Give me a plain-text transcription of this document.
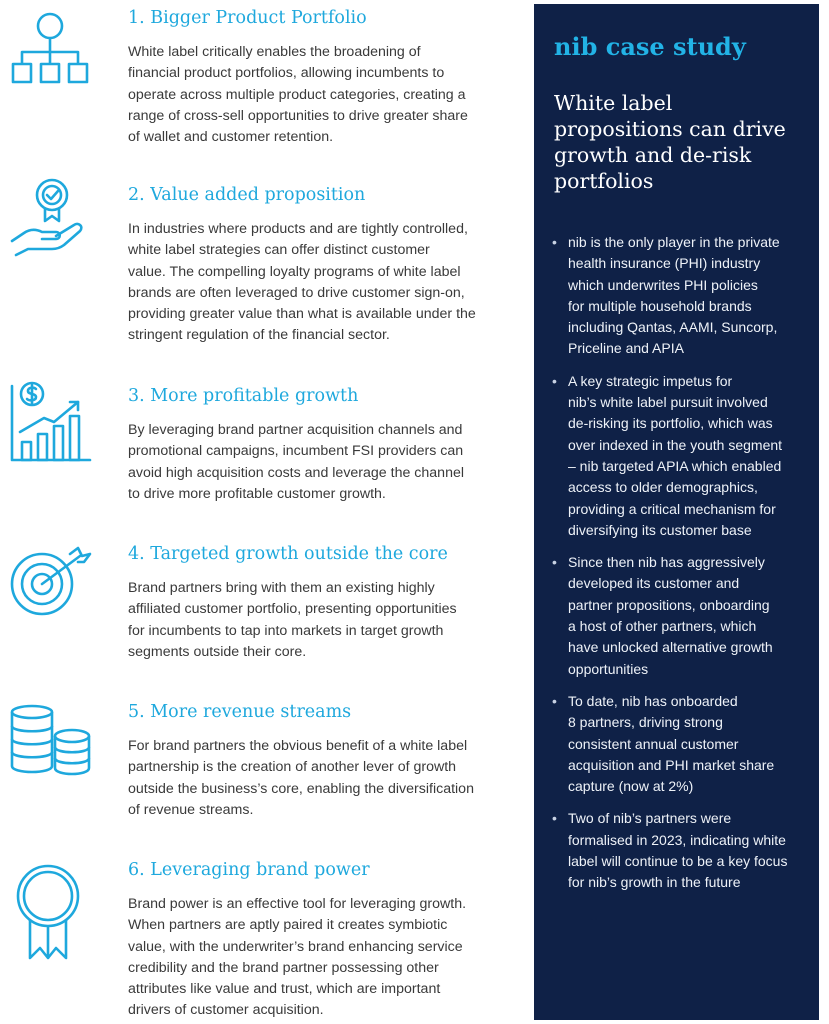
1. Bigger Product Portfolio

White label critically enables the broadening of
financial product portfolios, allowing incumbents to
operate across multiple product categories, creating a
range of cross-sell opportunities to drive greater share
of wallet and customer retention.

2. Value added proposition

In industries where products and are tightly controlled,
white label strategies can offer distinct customer
value. The compelling loyalty programs of white label
brands are often leveraged to drive customer sign-on,
providing greater value than what is available under the
stringent regulation of the financial sector.

3. More profitable growth

By leveraging brand partner acquisition channels and
promotional campaigns, incumbent FSI providers can
avoid high acquisition costs and leverage the channel
to drive more profitable customer growth.

4. Targeted growth outside the core

Brand partners bring with them an existing highly
affiliated customer portfolio, presenting opportunities
for incumbents to tap into markets in target growth
segments outside their core.

5. More revenue streams

For brand partners the obvious benefit of a white label
partnership is the creation of another lever of growth
outside the business’s core, enabling the diversification
of revenue streams.

6. Leveraging brand power

Brand power is an effective tool for leveraging growth.
When partners are aptly paired it creates symbiotic
value, with the underwriter’s brand enhancing service
credibility and the brand partner possessing other
attributes like value and trust, which are important
drivers of customer acquisition.

nib case study
White label
propositions can drive
growth and de-risk
portfolios
• nib is the only player in the private
health insurance (PHI) industry
which underwrites PHI policies
for multiple household brands
including Qantas, AAMI, Suncorp,
Priceline and APIA
• A key strategic impetus for
nib’s white label pursuit involved
de-risking its portfolio, which was
over indexed in the youth segment
– nib targeted APIA which enabled
access to older demographics,
providing a critical mechanism for
diversifying its customer base
• Since then nib has aggressively
developed its customer and
partner propositions, onboarding
a host of other partners, which
have unlocked alternative growth
opportunities
• To date, nib has onboarded
8 partners, driving strong
consistent annual customer
acquisition and PHI market share
capture (now at 2%)
• Two of nib’s partners were
formalised in 2023, indicating white
label will continue to be a key focus
for nib’s growth in the future
